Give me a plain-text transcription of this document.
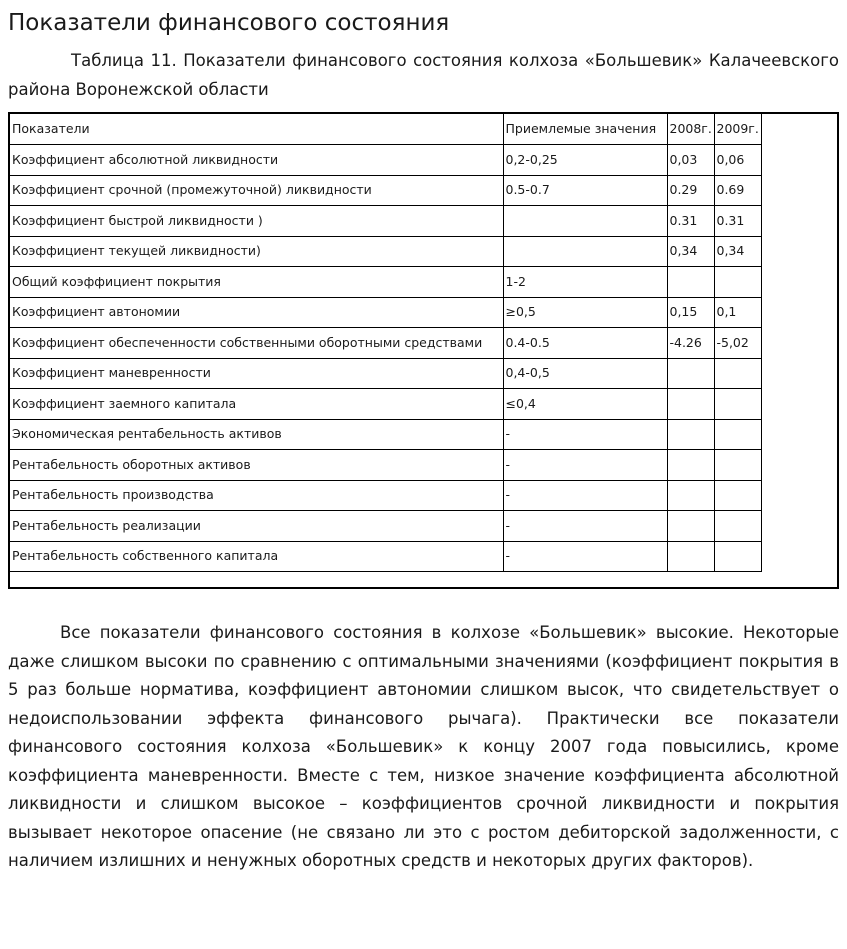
Показатели финансового состояния

Таблица 11. Показатели финансового состояния колхоза «Большевик» Калачеевского района Воронежской области

Показатели	Приемлемые значения	2008г.	2009г.
Коэффициент абсолютной ликвидности	0,2-0,25	0,03	0,06
Коэффициент срочной (промежуточной) ликвидности	0.5-0.7	0.29	0.69
Коэффициент быстрой ликвидности )		0.31	0.31
Коэффициент текущей ликвидности)		0,34	0,34
Общий коэффициент покрытия	1-2		
Коэффициент автономии	≥0,5	0,15	0,1
Коэффициент обеспеченности собственными оборотными средствами	0.4-0.5	-4.26	-5,02
Коэффициент маневренности	0,4-0,5		
Коэффициент заемного капитала	≤0,4		
Экономическая рентабельность активов	-		
Рентабельность оборотных активов	-		
Рентабельность производства	-		
Рентабельность реализации	-		
Рентабельность собственного капитала	-		

Все показатели финансового состояния в колхозе «Большевик» высокие. Некоторые даже слишком высоки по сравнению с оптимальными значениями (коэффициент покрытия в 5 раз больше норматива, коэффициент автономии слишком высок, что свидетельствует о недоиспользовании эффекта финансового рычага). Практически все показатели финансового состояния колхоза «Большевик» к концу 2007 года повысились, кроме коэффициента маневренности. Вместе с тем, низкое значение коэффициента абсолютной ликвидности и слишком высокое – коэффициентов срочной ликвидности и покрытия вызывает некоторое опасение (не связано ли это с ростом дебиторской задолженности, с наличием излишних и ненужных оборотных средств и некоторых других факторов).
